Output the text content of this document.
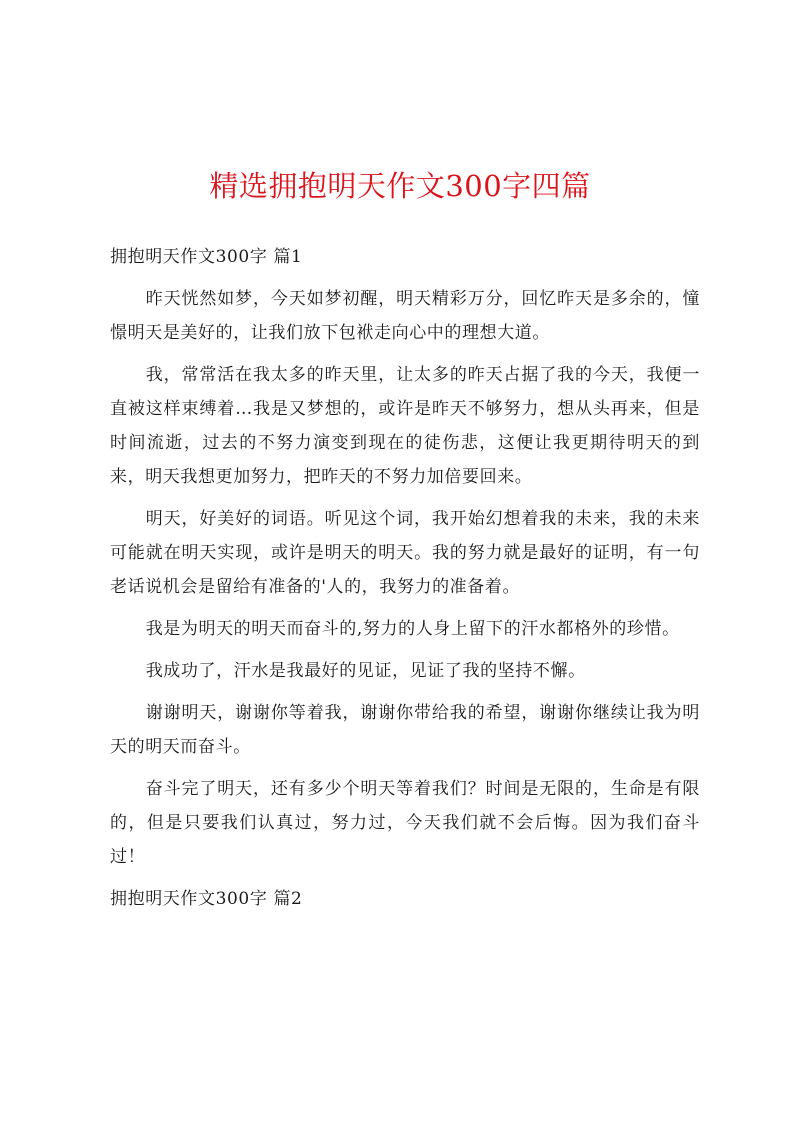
精选拥抱明天作文300字四篇

拥抱明天作文300字 篇1

昨天恍然如梦，今天如梦初醒，明天精彩万分，回忆昨天是多余的，憧憬明天是美好的，让我们放下包袱走向心中的理想大道。

我，常常活在我太多的昨天里，让太多的昨天占据了我的今天，我便一直被这样束缚着…我是又梦想的，或许是昨天不够努力，想从头再来，但是时间流逝，过去的不努力演变到现在的徒伤悲，这便让我更期待明天的到来，明天我想更加努力，把昨天的不努力加倍要回来。

明天，好美好的词语。听见这个词，我开始幻想着我的未来，我的未来可能就在明天实现，或许是明天的明天。我的努力就是最好的证明，有一句老话说机会是留给有准备的'人的，我努力的准备着。

我是为明天的明天而奋斗的,努力的人身上留下的汗水都格外的珍惜。

我成功了，汗水是我最好的见证，见证了我的坚持不懈。

谢谢明天，谢谢你等着我，谢谢你带给我的希望，谢谢你继续让我为明天的明天而奋斗。

奋斗完了明天，还有多少个明天等着我们？时间是无限的，生命是有限的，但是只要我们认真过，努力过，今天我们就不会后悔。因为我们奋斗过！

拥抱明天作文300字 篇2
